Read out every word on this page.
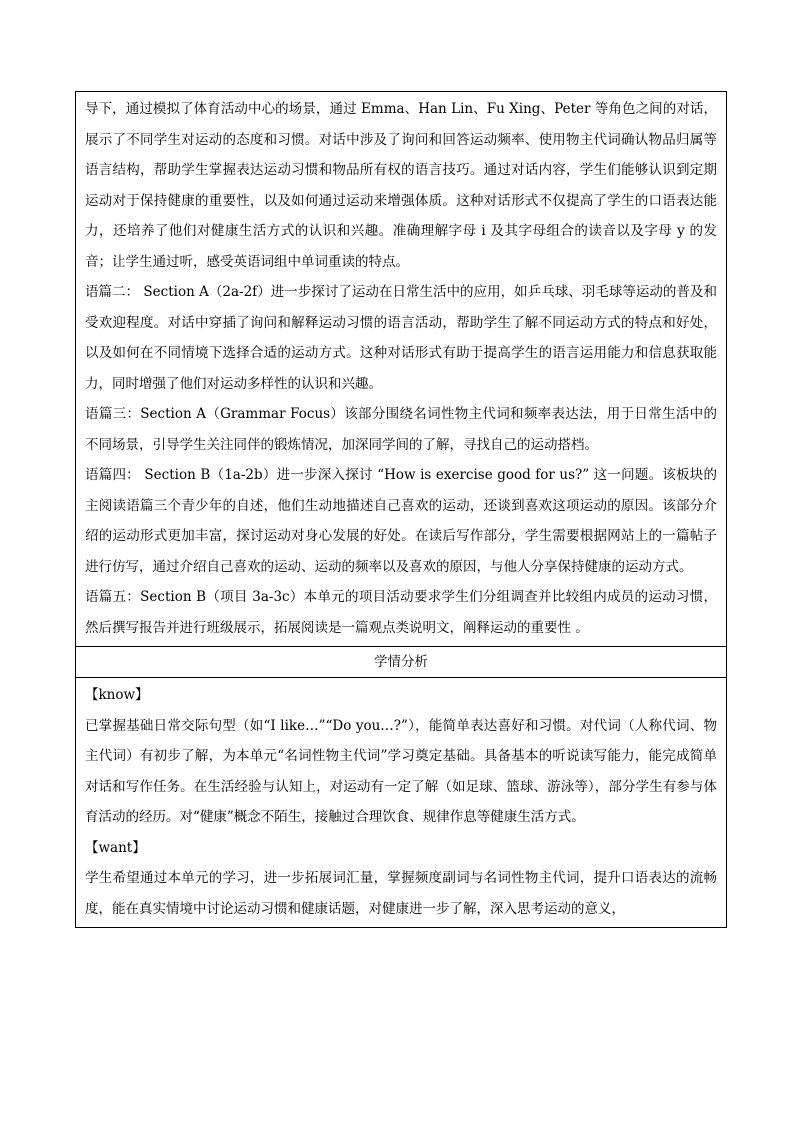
导下，通过模拟了体育活动中心的场景，通过 Emma、Han Lin、Fu Xing、Peter 等角色之间的对话，展示了不同学生对运动的态度和习惯。对话中涉及了询问和回答运动频率、使用物主代词确认物品归属等语言结构，帮助学生掌握表达运动习惯和物品所有权的语言技巧。通过对话内容，学生们能够认识到定期运动对于保持健康的重要性，以及如何通过运动来增强体质。这种对话形式不仅提高了学生的口语表达能力，还培养了他们对健康生活方式的认识和兴趣。准确理解字母 i 及其字母组合的读音以及字母 y 的发音；让学生通过听，感受英语词组中单词重读的特点。

语篇二： Section A（2a-2f）进一步探讨了运动在日常生活中的应用，如乒乓球、羽毛球等运动的普及和受欢迎程度。对话中穿插了询问和解释运动习惯的语言活动，帮助学生了解不同运动方式的特点和好处，以及如何在不同情境下选择合适的运动方式。这种对话形式有助于提高学生的语言运用能力和信息获取能力，同时增强了他们对运动多样性的认识和兴趣。

语篇三：Section A（Grammar Focus）该部分围绕名词性物主代词和频率表达法，用于日常生活中的不同场景，引导学生关注同伴的锻炼情况，加深同学间的了解，寻找自己的运动搭档。

语篇四： Section B（1a-2b）进一步深入探讨 “How is exercise good for us?” 这一问题。该板块的主阅读语篇三个青少年的自述，他们生动地描述自己喜欢的运动，还谈到喜欢这项运动的原因。该部分介绍的运动形式更加丰富，探讨运动对身心发展的好处。在读后写作部分，学生需要根据网站上的一篇帖子进行仿写，通过介绍自己喜欢的运动、运动的频率以及喜欢的原因，与他人分享保持健康的运动方式。

语篇五：Section B（项目 3a-3c）本单元的项目活动要求学生们分组调查并比较组内成员的运动习惯，然后撰写报告并进行班级展示，拓展阅读是一篇观点类说明文，阐释运动的重要性 。

学情分析

【know】

已掌握基础日常交际句型（如“I like…”“Do you…?”），能简单表达喜好和习惯。对代词（人称代词、物主代词）有初步了解，为本单元“名词性物主代词”学习奠定基础。具备基本的听说读写能力，能完成简单对话和写作任务。在生活经验与认知上，对运动有一定了解（如足球、篮球、游泳等），部分学生有参与体育活动的经历。对“健康”概念不陌生，接触过合理饮食、规律作息等健康生活方式。

【want】

学生希望通过本单元的学习，进一步拓展词汇量，掌握频度副词与名词性物主代词，提升口语表达的流畅度，能在真实情境中讨论运动习惯和健康话题，对健康进一步了解，深入思考运动的意义，
